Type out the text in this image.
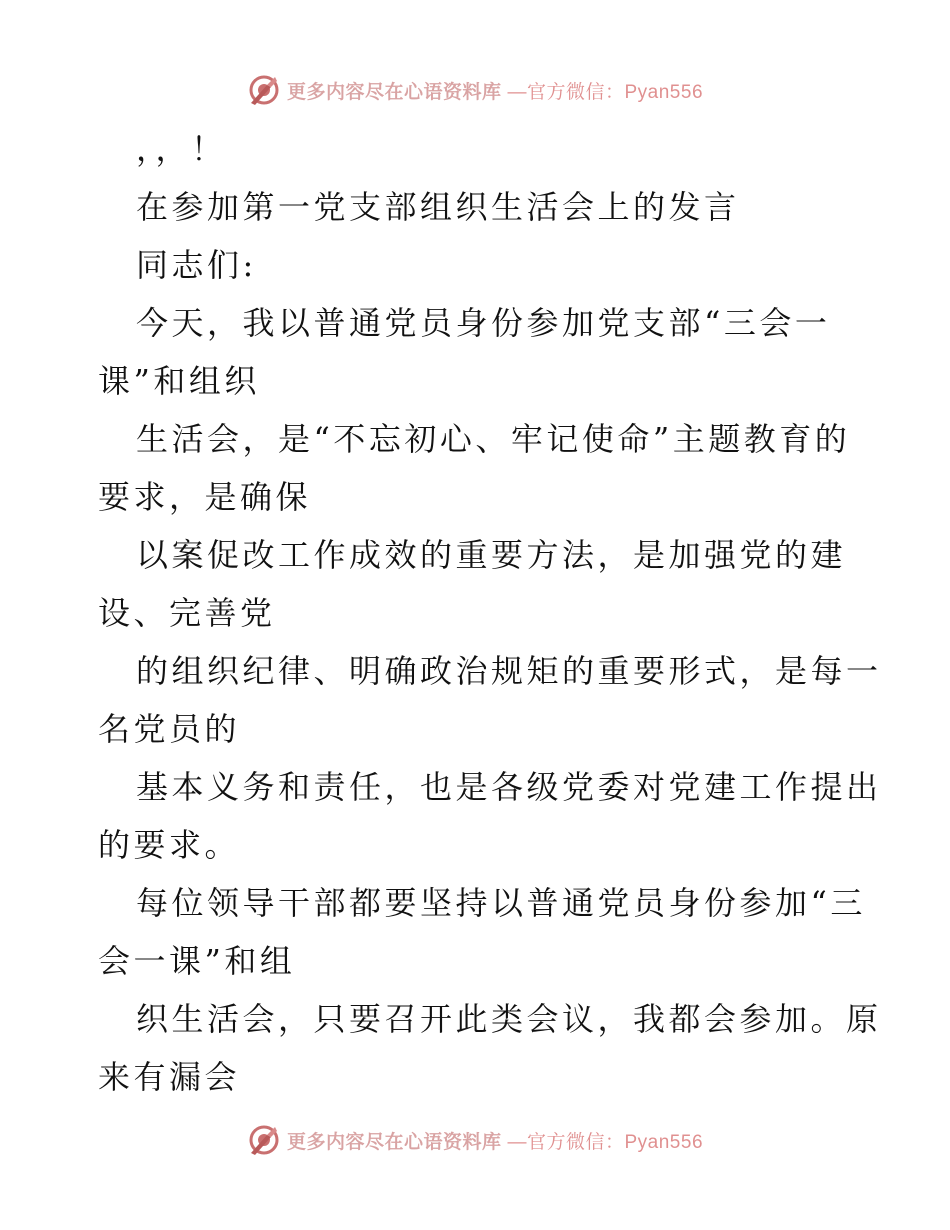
更多内容尽在心语资料库 —官方微信：Pyan556
，，！
在参加第一党支部组织生活会上的发言
同志们:
今天，我以普通党员身份参加党支部“三会一
课”和组织
生活会，是“不忘初心、牢记使命”主题教育的
要求，是确保
以案促改工作成效的重要方法，是加强党的建
设、完善党
的组织纪律、明确政治规矩的重要形式，是每一
名党员的
基本义务和责任，也是各级党委对党建工作提出
的要求。
每位领导干部都要坚持以普通党员身份参加“三
会一课”和组
织生活会，只要召开此类会议，我都会参加。原
来有漏会
更多内容尽在心语资料库 —官方微信：Pyan556
